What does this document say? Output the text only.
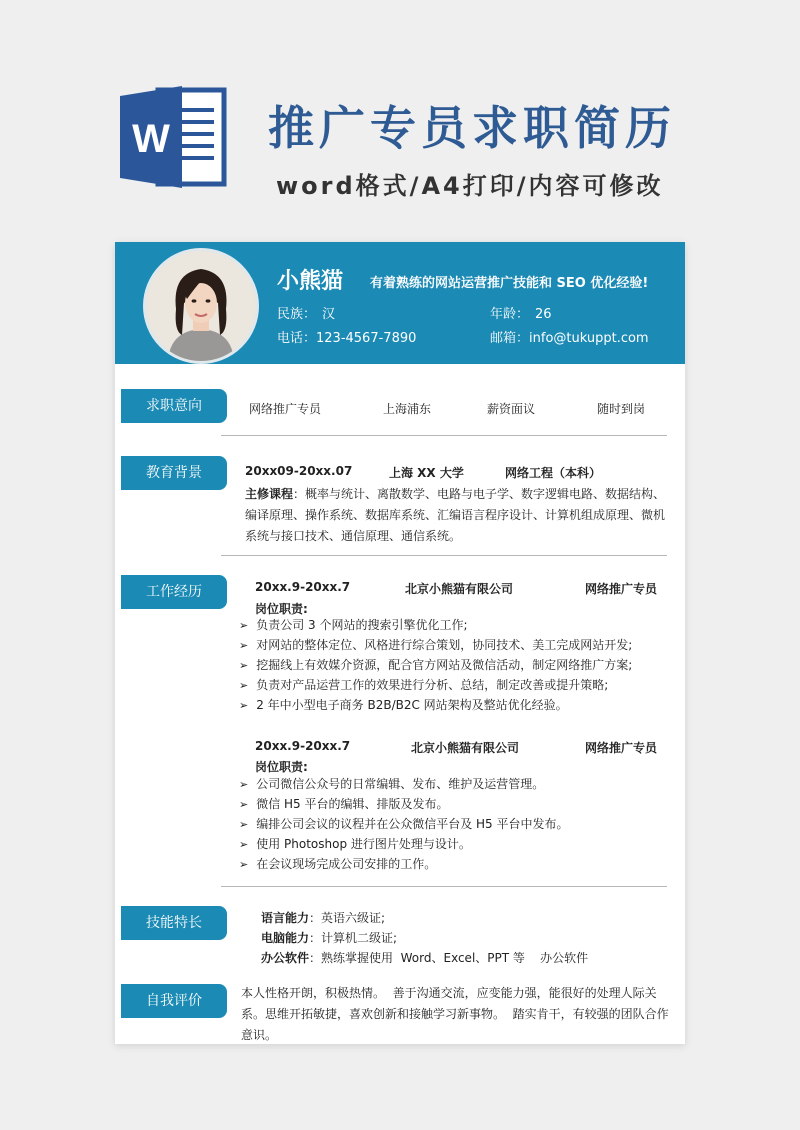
W 推广专员求职简历
word格式/A4打印/内容可修改
小熊猫 有着熟练的网站运营推广技能和 SEO 优化经验!
民族： 汉	年龄： 26
电话：123-4567-7890	邮箱：info@tukuppt.com
求职意向	网络推广专员	上海浦东	薪资面议	随时到岗
教育背景	20xx09-20xx.07	上海 XX 大学	网络工程（本科）
主修课程：概率与统计、离散数学、电路与电子学、数字逻辑电路、数据结构、编译原理、操作系统、数据库系统、汇编语言程序设计、计算机组成原理、微机系统与接口技术、通信原理、通信系统。
工作经历	20xx.9-20xx.7	北京小熊猫有限公司	网络推广专员
岗位职责:
➢ 负责公司 3 个网站的搜索引擎优化工作;
➢ 对网站的整体定位、风格进行综合策划，协同技术、美工完成网站开发;
➢ 挖掘线上有效媒介资源，配合官方网站及微信活动，制定网络推广方案;
➢ 负责对产品运营工作的效果进行分析、总结，制定改善或提升策略;
➢ 2 年中小型电子商务 B2B/B2C 网站架构及整站优化经验。
20xx.9-20xx.7	北京小熊猫有限公司	网络推广专员
岗位职责:
➢ 公司微信公众号的日常编辑、发布、维护及运营管理。
➢ 微信 H5 平台的编辑、排版及发布。
➢ 编排公司会议的议程并在公众微信平台及 H5 平台中发布。
➢ 使用 Photoshop 进行图片处理与设计。
➢ 在会议现场完成公司安排的工作。
技能特长	语言能力：英语六级证;
电脑能力：计算机二级证;
办公软件：熟练掌握使用  Word、Excel、PPT 等    办公软件
自我评价	本人性格开朗，积极热情。  善于沟通交流，应变能力强，能很好的处理人际关系。思维开拓敏捷，喜欢创新和接触学习新事物。  踏实肯干，有较强的团队合作意识。
